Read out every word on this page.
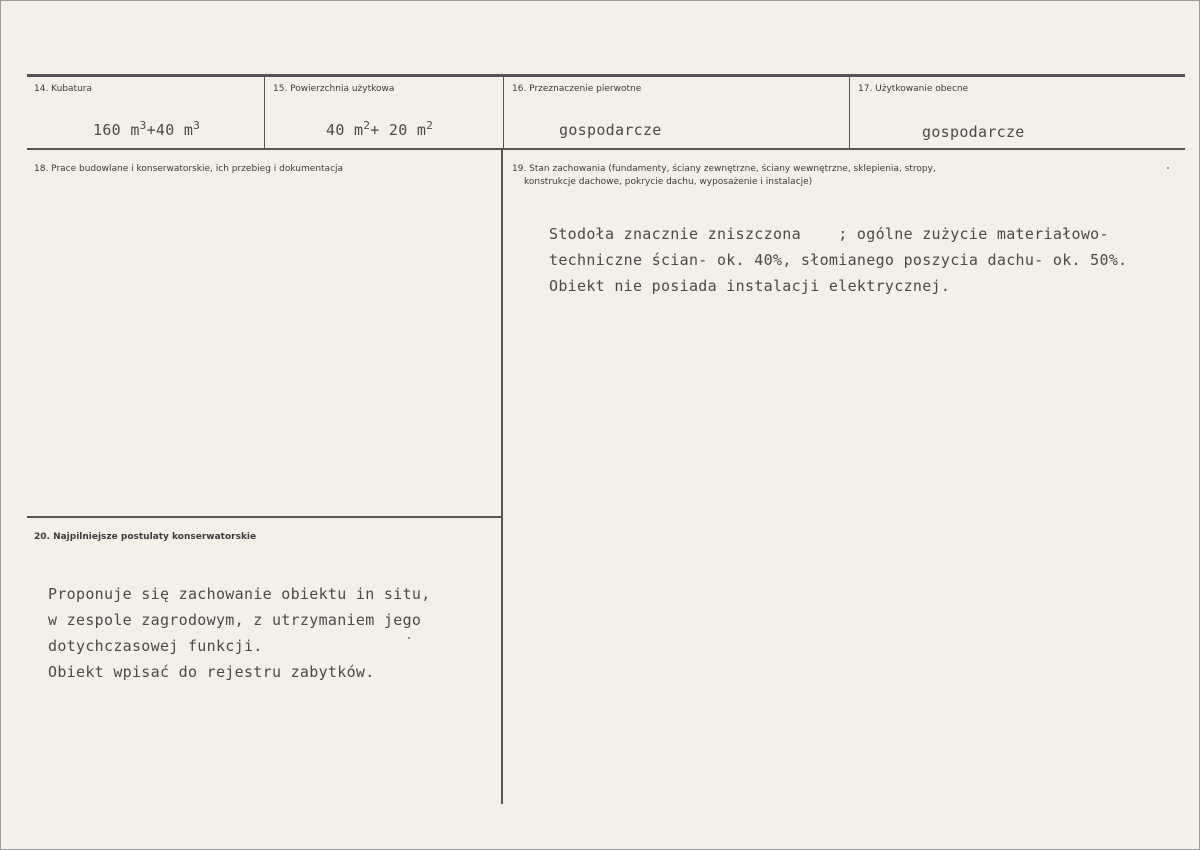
14. Kubatura
160 $m^3+40$ $m^3$
15. Powierzchnia użytkowa
40 $m^2+ 20$ $m^2$
16. Przeznaczenie pierwotne
gospodarcze
17. Użytkowanie obecne
gospodarcze
18. Prace budowlane i konserwatorskie, ich przebieg i dokumentacja	19. Stan zachowania (fundamenty, ściany zewnętrzne, ściany wewnętrzne, sklepienia, stropy,
konstrukcje dachowe, pokrycie dachu, wyposażenie i instalacje)
Stodoła znacznie zniszczona    ; ogólne zużycie materiałowo-
techniczne ścian- ok. 40%, słomianego poszycia dachu- ok. 50%.
Obiekt nie posiada instalacji elektrycznej.
20. Najpilniejsze postulaty konserwatorskie
Proponuje się zachowanie obiektu in situ,
w zespole zagrodowym, z utrzymaniem jego
dotychczasowej funkcji.
Obiekt wpisać do rejestru zabytków.
